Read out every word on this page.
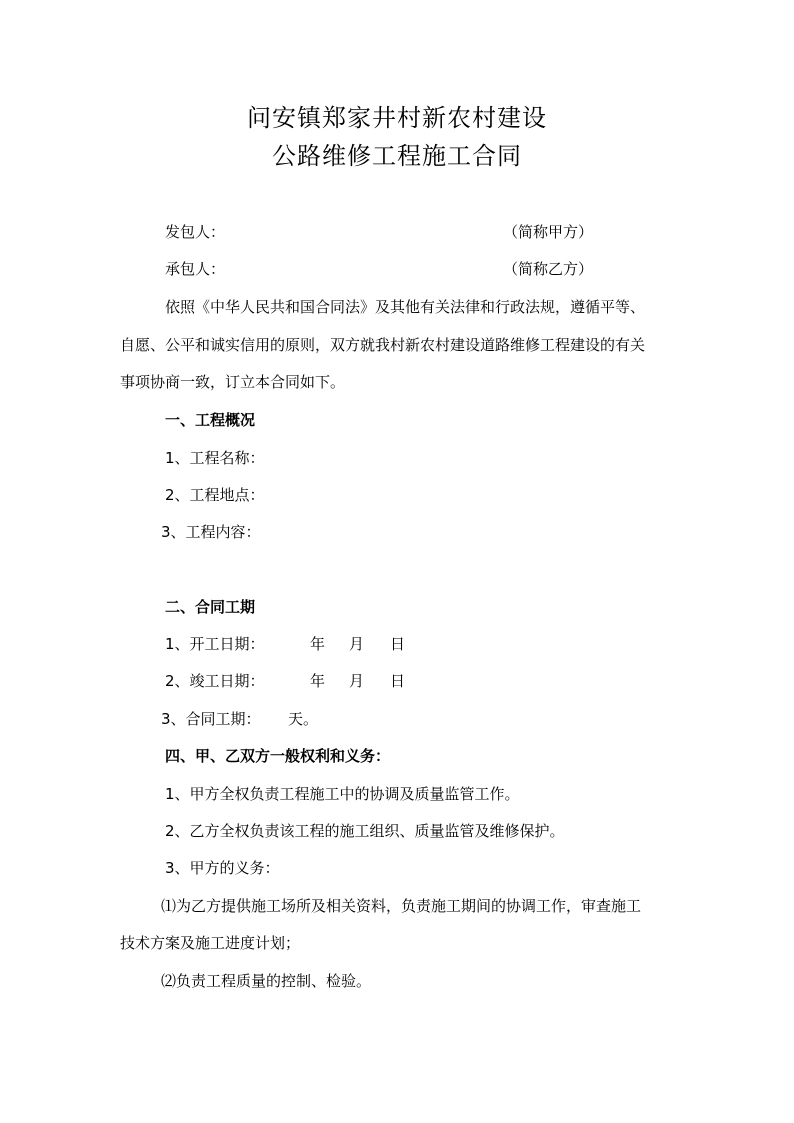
问安镇郑家井村新农村建设
公路维修工程施工合同
发包人：	（简称甲方）
承包人：	（简称乙方）
依照《中华人民共和国合同法》及其他有关法律和行政法规，遵循平等、
自愿、公平和诚实信用的原则，双方就我村新农村建设道路维修工程建设的有关
事项协商一致，订立本合同如下。
一、工程概况
1、工程名称：
2、工程地点：
3、工程内容：
二、合同工期
1、开工日期：	年 月 日
2、竣工日期：	年 月 日
3、合同工期： 天。
四、甲、乙双方一般权利和义务：
1、甲方全权负责工程施工中的协调及质量监管工作。
2、乙方全权负责该工程的施工组织、质量监管及维修保护。
3、甲方的义务：
⑴为乙方提供施工场所及相关资料，负责施工期间的协调工作，审查施工
技术方案及施工进度计划；
⑵负责工程质量的控制、检验。
